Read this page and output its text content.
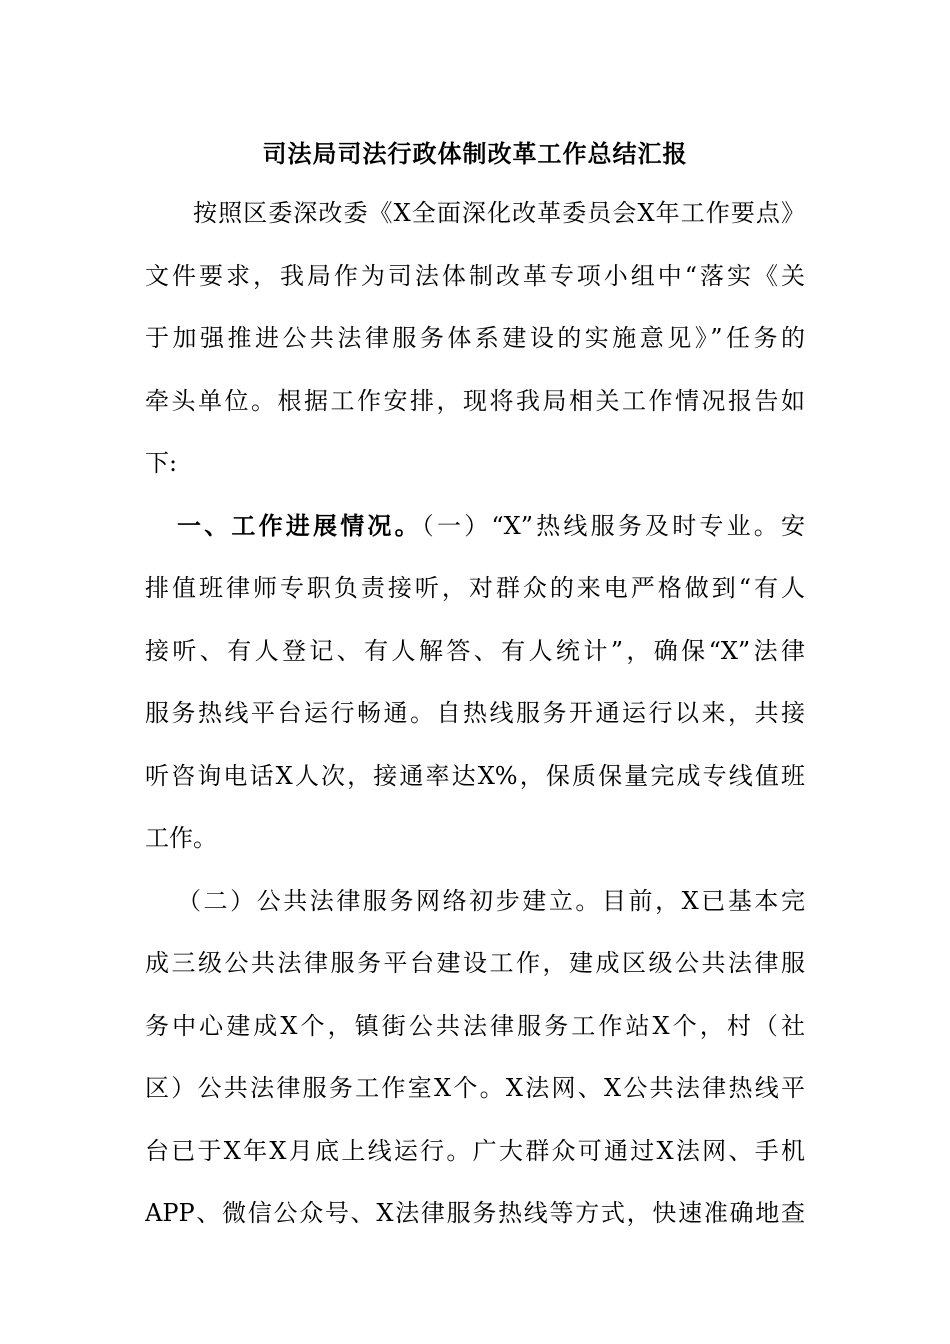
司法局司法行政体制改革工作总结汇报
按照区委深改委《X全面深化改革委员会X年工作要点》
文件要求，我局作为司法体制改革专项小组中“落实《关
于加强推进公共法律服务体系建设的实施意见》”任务的
牵头单位。根据工作安排，现将我局相关工作情况报告如
下:
一、工作进展情况。（一）“X”热线服务及时专业。安
排值班律师专职负责接听，对群众的来电严格做到“有人
接听、有人登记、有人解答、有人统计”，确保“X”法律
服务热线平台运行畅通。自热线服务开通运行以来，共接
听咨询电话X人次，接通率达X%，保质保量完成专线值班
工作。
（二）公共法律服务网络初步建立。目前，X已基本完
成三级公共法律服务平台建设工作，建成区级公共法律服
务中心建成X个，镇街公共法律服务工作站X个，村（社
区）公共法律服务工作室X个。X法网、X公共法律热线平
台已于X年X月底上线运行。广大群众可通过X法网、手机
APP、微信公众号、X法律服务热线等方式，快速准确地查
